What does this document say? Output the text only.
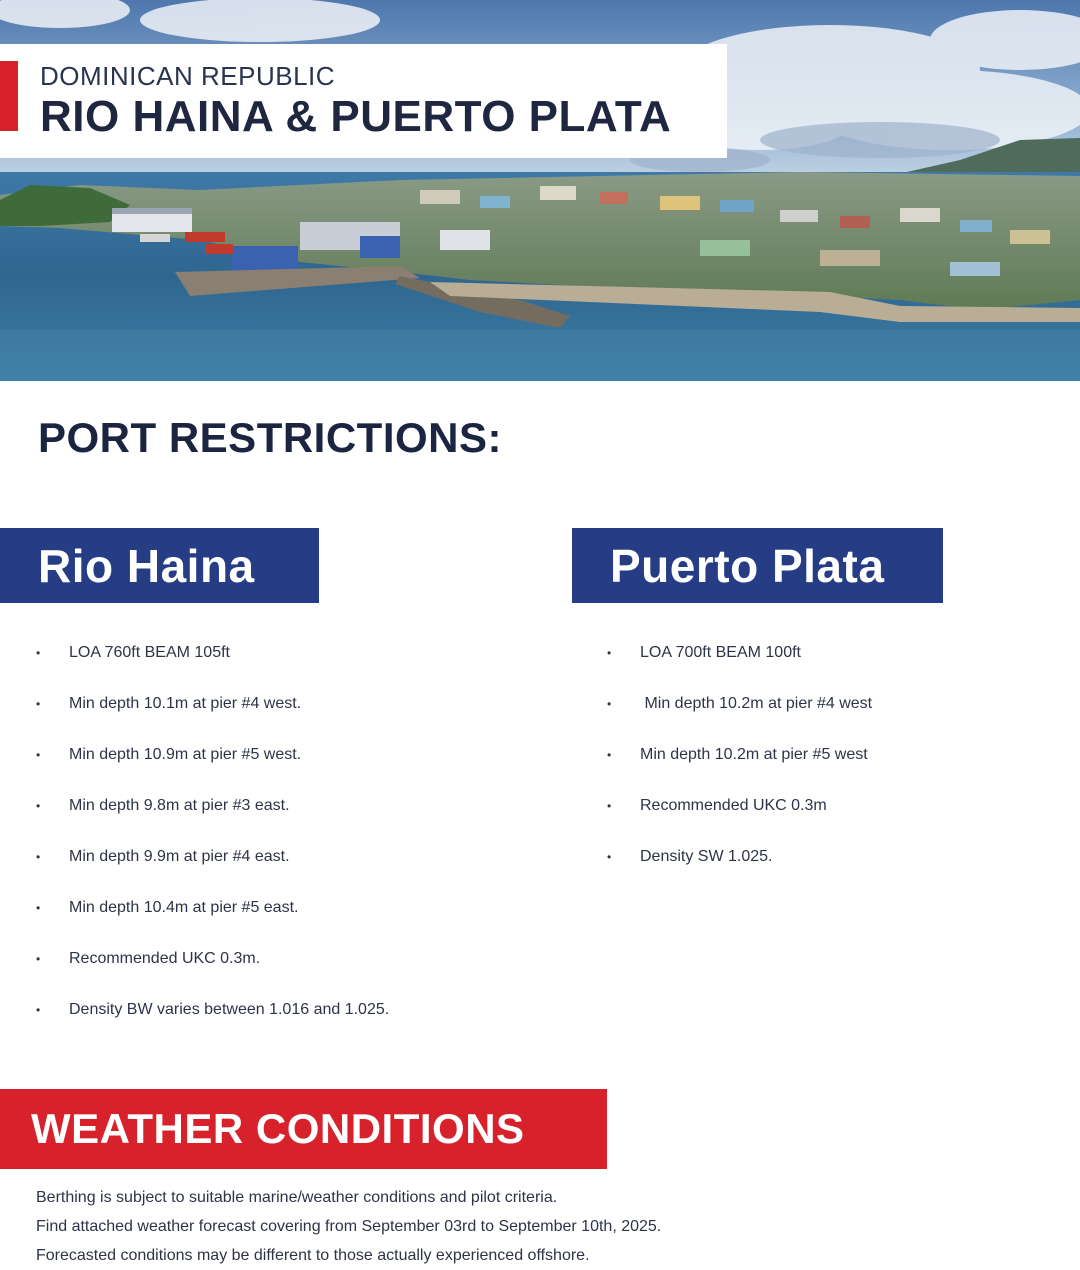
DOMINICAN REPUBLIC
RIO HAINA & PUERTO PLATA
PORT RESTRICTIONS:
Rio Haina	Puerto Plata
•	LOA 760ft BEAM 105ft
•	Min depth 10.1m at pier #4 west.
•	Min depth 10.9m at pier #5 west.
•	Min depth 9.8m at pier #3 east.
•	Min depth 9.9m at pier #4 east.
•	Min depth 10.4m at pier #5 east.
•	Recommended UKC 0.3m.
•	Density BW varies between 1.016 and 1.025.
•	LOA 700ft BEAM 100ft
•	Min depth 10.2m at pier #4 west
•	Min depth 10.2m at pier #5 west
•	Recommended UKC 0.3m
•	Density SW 1.025.
WEATHER CONDITIONS
Berthing is subject to suitable marine/weather conditions and pilot criteria.
Find attached weather forecast covering from September 03rd to September 10th, 2025.
Forecasted conditions may be different to those actually experienced offshore.
